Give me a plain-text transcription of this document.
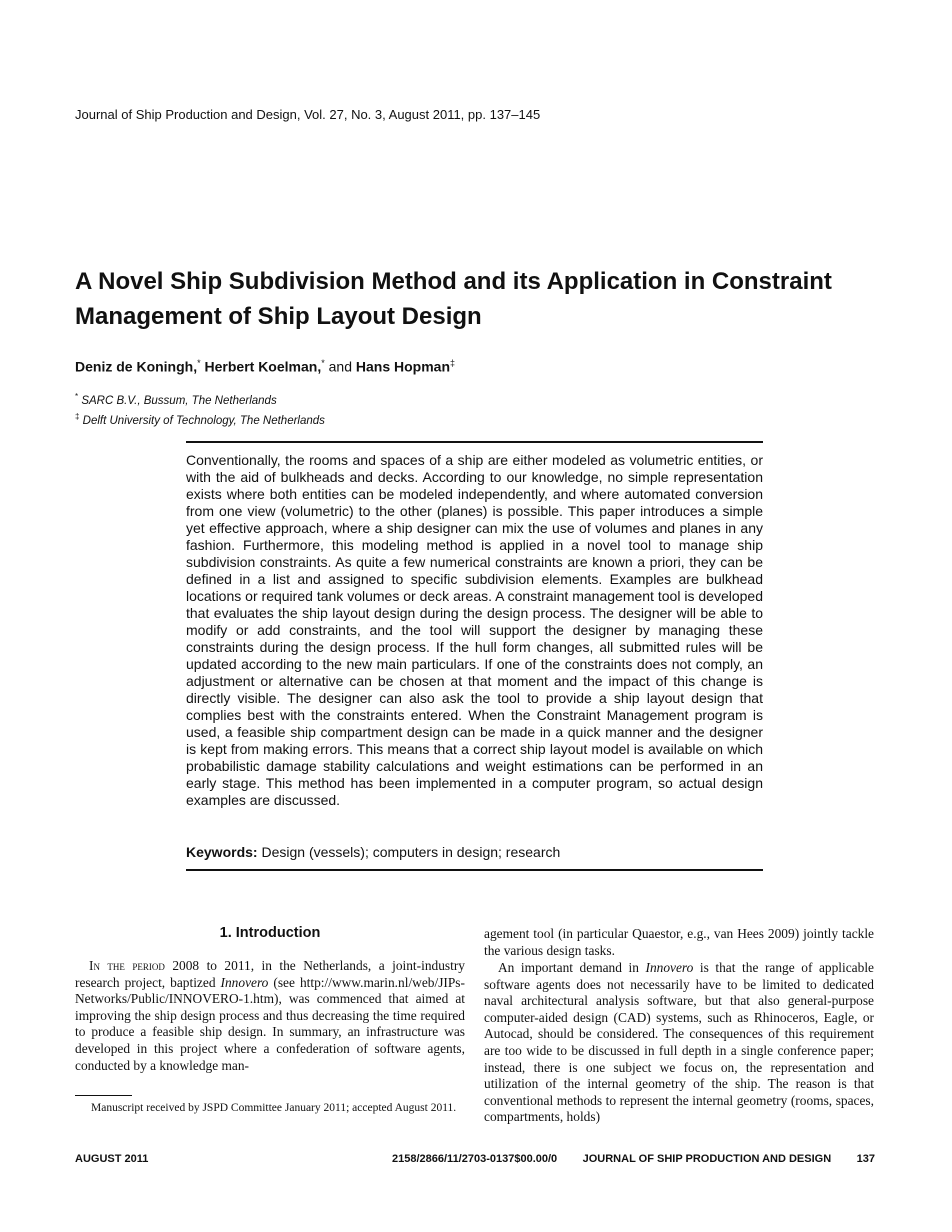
Journal of Ship Production and Design, Vol. 27, No. 3, August 2011, pp. 137–145
A Novel Ship Subdivision Method and its Application in Constraint Management of Ship Layout Design
Deniz de Koningh,* Herbert Koelman,* and Hans Hopman‡
* SARC B.V., Bussum, The Netherlands
‡ Delft University of Technology, The Netherlands

Conventionally, the rooms and spaces of a ship are either modeled as volumetric entities, or with the aid of bulkheads and decks. According to our knowledge, no simple representation exists where both entities can be modeled independently, and where automated conversion from one view (volumetric) to the other (planes) is possible. This paper introduces a simple yet effective approach, where a ship designer can mix the use of volumes and planes in any fashion. Furthermore, this modeling method is applied in a novel tool to manage ship subdivision constraints. As quite a few numerical constraints are known a priori, they can be defined in a list and assigned to specific subdivision elements. Examples are bulkhead locations or required tank volumes or deck areas. A constraint management tool is developed that evaluates the ship layout design during the design process. The designer will be able to modify or add constraints, and the tool will support the designer by managing these constraints during the design process. If the hull form changes, all submitted rules will be updated according to the new main particulars. If one of the constraints does not comply, an adjustment or alternative can be chosen at that moment and the impact of this change is directly visible. The designer can also ask the tool to provide a ship layout design that complies best with the constraints entered. When the Constraint Management program is used, a feasible ship compartment design can be made in a quick manner and the designer is kept from making errors. This means that a correct ship layout model is available on which probabilistic damage stability calculations and weight estimations can be performed in an early stage. This method has been implemented in a computer program, so actual design examples are discussed.

Keywords: Design (vessels); computers in design; research
1. Introduction

In the period 2008 to 2011, in the Netherlands, a joint-industry research project, baptized Innovero (see http://www.marin.nl/web/JIPs-Networks/Public/INNOVERO-1.htm), was commenced that aimed at improving the ship design process and thus decreasing the time required to produce a feasible ship design. In summary, an infrastructure was developed in this project where a confederation of software agents, conducted by a knowledge man-

agement tool (in particular Quaestor, e.g., van Hees 2009) jointly tackle the various design tasks.

An important demand in Innovero is that the range of applicable software agents does not necessarily have to be limited to dedicated naval architectural analysis software, but that also general-purpose computer-aided design (CAD) systems, such as Rhinoceros, Eagle, or Autocad, should be considered. The consequences of this requirement are too wide to be discussed in full depth in a single conference paper; instead, there is one subject we focus on, the representation and utilization of the internal geometry of the ship. The reason is that conventional methods to represent the internal geometry (rooms, spaces, compartments, holds)

Manuscript received by JSPD Committee January 2011; accepted August 2011.

AUGUST 2011	2158/2866/11/2703-0137$00.00/0 JOURNAL OF SHIP PRODUCTION AND DESIGN 137
